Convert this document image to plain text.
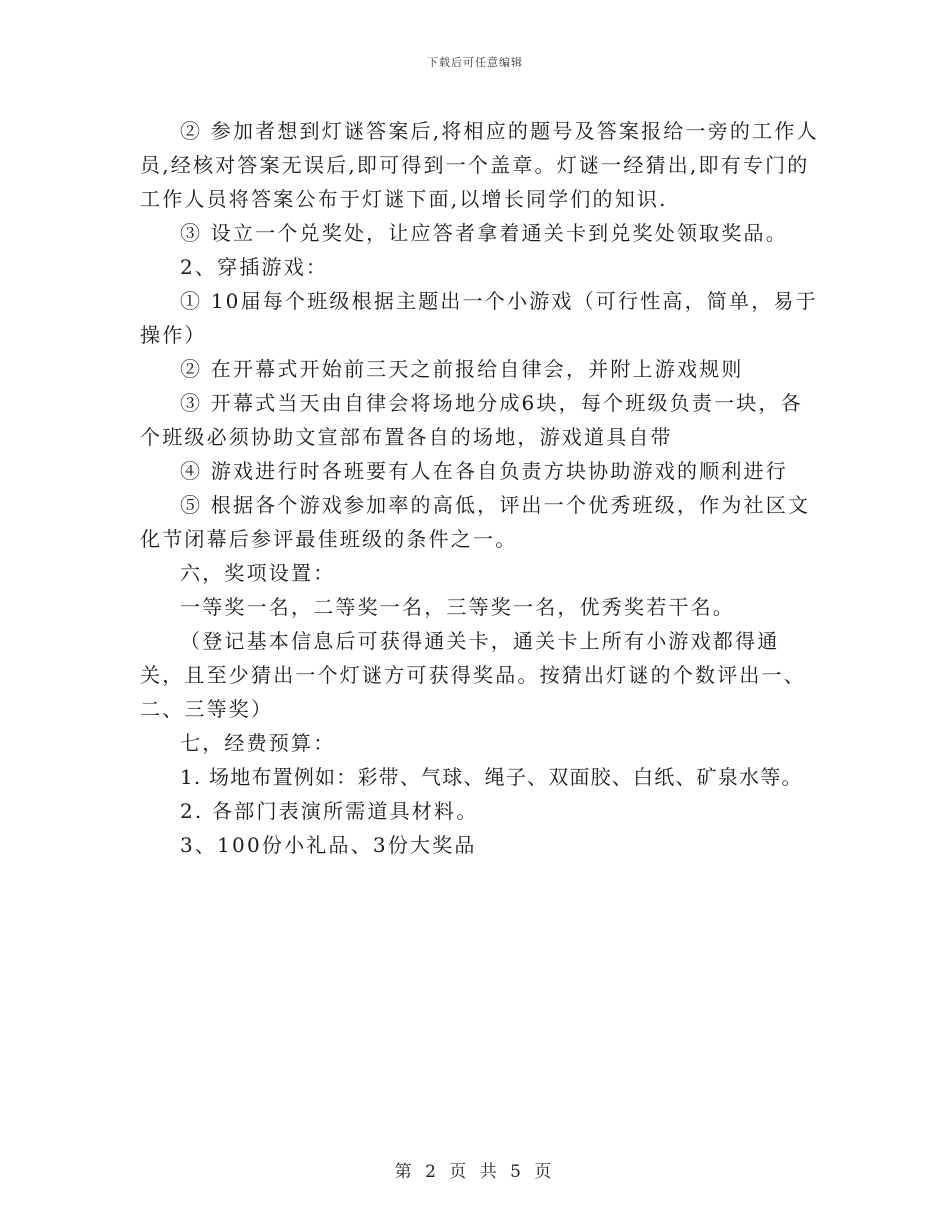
下载后可任意编辑

② 参加者想到灯谜答案后,将相应的题号及答案报给一旁的工作人员,经核对答案无误后,即可得到一个盖章。灯谜一经猜出,即有专门的工作人员将答案公布于灯谜下面,以增长同学们的知识.

③ 设立一个兑奖处，让应答者拿着通关卡到兑奖处领取奖品。

2、穿插游戏：

① 10届每个班级根据主题出一个小游戏（可行性高，简单，易于操作）

② 在开幕式开始前三天之前报给自律会，并附上游戏规则

③ 开幕式当天由自律会将场地分成6块，每个班级负责一块，各个班级必须协助文宣部布置各自的场地，游戏道具自带

④ 游戏进行时各班要有人在各自负责方块协助游戏的顺利进行

⑤ 根据各个游戏参加率的高低，评出一个优秀班级，作为社区文化节闭幕后参评最佳班级的条件之一。

六，奖项设置：

一等奖一名，二等奖一名，三等奖一名，优秀奖若干名。

（登记基本信息后可获得通关卡，通关卡上所有小游戏都得通关，且至少猜出一个灯谜方可获得奖品。按猜出灯谜的个数评出一、二、三等奖）

七，经费预算：

1. 场地布置例如：彩带、气球、绳子、双面胶、白纸、矿泉水等。

2. 各部门表演所需道具材料。

3、100份小礼品、3份大奖品

第 2 页 共 5 页
